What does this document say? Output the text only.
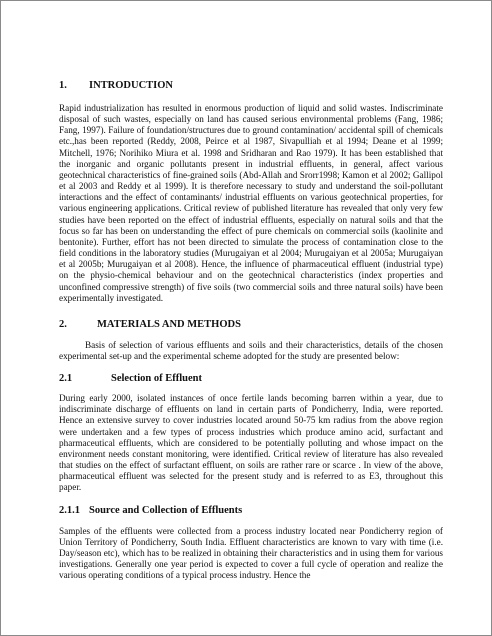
1. INTRODUCTION

Rapid industrialization has resulted in enormous production of liquid and solid wastes. Indiscriminate disposal of such wastes, especially on land has caused serious environmental problems (Fang, 1986; Fang, 1997). Failure of foundation/structures due to ground contamination/ accidental spill of chemicals etc.,has been reported (Reddy, 2008, Peirce et al 1987, Sivapulliah et al 1994; Deane et al 1999; Mitchell, 1976; Norihiko Miura et al. 1998 and Sridharan and Rao 1979). It has been established that the inorganic and organic pollutants present in industrial effluents, in general, affect various geotechnical characteristics of fine-grained soils (Abd-Allah and Srorr1998; Kamon et al 2002; Gallipol et al 2003 and Reddy et al 1999). It is therefore necessary to study and understand the soil-pollutant interactions and the effect of contaminants/ industrial effluents on various geotechnical properties, for various engineering applications. Critical review of published literature has revealed that only very few studies have been reported on the effect of industrial effluents, especially on natural soils and that the focus so far has been on understanding the effect of pure chemicals on commercial soils (kaolinite and bentonite). Further, effort has not been directed to simulate the process of contamination close to the field conditions in the laboratory studies (Murugaiyan et al 2004; Murugaiyan et al 2005a; Murugaiyan et al 2005b; Murugaiyan et al 2008). Hence, the influence of pharmaceutical effluent (industrial type) on the physio-chemical behaviour and on the geotechnical characteristics (index properties and unconfined compressive strength) of five soils (two commercial soils and three natural soils) have been experimentally investigated.

2.	MATERIALS AND METHODS

Basis of selection of various effluents and soils and their characteristics, details of the chosen experimental set-up and the experimental scheme adopted for the study are presented below:

2.1	Selection of Effluent

During early 2000, isolated instances of once fertile lands becoming barren within a year, due to indiscriminate discharge of effluents on land in certain parts of Pondicherry, India, were reported. Hence an extensive survey to cover industries located around 50-75 km radius from the above region were undertaken and a few types of process industries which produce amino acid, surfactant and pharmaceutical effluents, which are considered to be potentially polluting and whose impact on the environment needs constant monitoring, were identified. Critical review of literature has also revealed that studies on the effect of surfactant effluent, on soils are rather rare or scarce . In view of the above, pharmaceutical effluent was selected for the present study and is referred to as E3, throughout this paper.

2.1.1 Source and Collection of Effluents

Samples of the effluents were collected from a process industry located near Pondicherry region of Union Territory of Pondicherry, South India. Effluent characteristics are known to vary with time (i.e. Day/season etc), which has to be realized in obtaining their characteristics and in using them for various investigations. Generally one year period is expected to cover a full cycle of operation and realize the various operating conditions of a typical process industry. Hence the
